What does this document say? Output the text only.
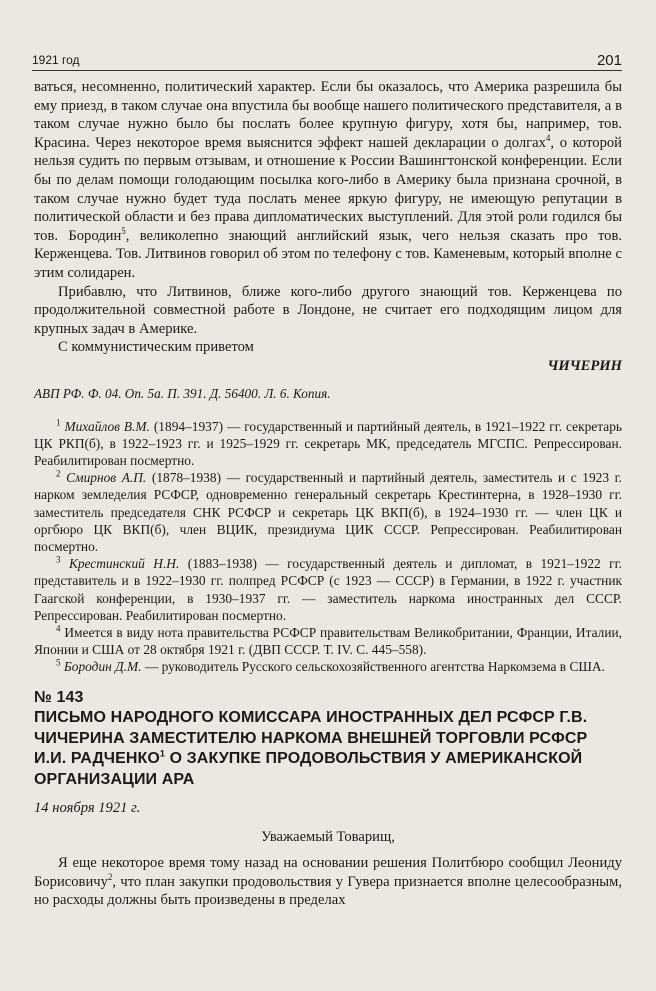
1921 год	201

ваться, несомненно, политический характер. Если бы оказалось, что Америка разрешила бы ему приезд, в таком случае она впустила бы вообще нашего политического представителя, а в таком случае нужно было бы послать более крупную фигуру, хотя бы, например, тов. Красина. Через некоторое время выяснится эффект нашей декларации о долгах$^4$, о которой нельзя судить по первым отзывам, и отношение к России Вашингтонской конференции. Если бы по делам помощи голодающим посылка кого-либо в Америку была признана срочной, в таком случае нужно будет туда послать менее яркую фигуру, не имеющую репутации в политической области и без права дипломатических выступлений. Для этой роли годился бы тов. Бородин$^5$, великолепно знающий английский язык, чего нельзя сказать про тов. Керженцева. Тов. Литвинов говорил об этом по телефону с тов. Каменевым, который вполне с этим солидарен.

Прибавлю, что Литвинов, ближе кого-либо другого знающий тов. Керженцева по продолжительной совместной работе в Лондоне, не считает его подходящим лицом для крупных задач в Америке.

С коммунистическим приветом

ЧИЧЕРИН
АВП РФ. Ф. 04. Оп. 5а. П. 391. Д. 56400. Л. 6. Копия.

$^1$ Михайлов В.М. (1894–1937) — государственный и партийный деятель, в 1921–1922 гг. секретарь ЦК РКП(б), в 1922–1923 гг. и 1925–1929 гг. секретарь МК, председатель МГСПС. Репрессирован. Реабилитирован посмертно.

$^2$ Смирнов А.П. (1878–1938) — государственный и партийный деятель, заместитель и с 1923 г. нарком земледелия РСФСР, одновременно генеральный секретарь Крестинтерна, в 1928–1930 гг. заместитель председателя СНК РСФСР и секретарь ЦК ВКП(б), в 1924–1930 гг. — член ЦК и оргбюро ЦК ВКП(б), член ВЦИК, президиума ЦИК СССР. Репрессирован. Реабилитирован посмертно.

$^3$ Крестинский Н.Н. (1883–1938) — государственный деятель и дипломат, в 1921–1922 гг. представитель и в 1922–1930 гг. полпред РСФСР (с 1923 — СССР) в Германии, в 1922 г. участник Гаагской конференции, в 1930–1937 гг. — заместитель наркома иностранных дел СССР. Репрессирован. Реабилитирован посмертно.

$^4$ Имеется в виду нота правительства РСФСР правительствам Великобритании, Франции, Италии, Японии и США от 28 октября 1921 г. (ДВП СССР. Т. IV. С. 445–558).

$^5$ Бородин Д.М. — руководитель Русского сельскохозяйственного агентства Наркомзема в США.

№ 143
ПИСЬМО НАРОДНОГО КОМИССАРА ИНОСТРАННЫХ ДЕЛ РСФСР Г.В. ЧИЧЕРИНА ЗАМЕСТИТЕЛЮ НАРКОМА ВНЕШНЕЙ ТОРГОВЛИ РСФСР И.И. РАДЧЕНКО$^1$ О ЗАКУПКЕ ПРОДОВОЛЬСТВИЯ У АМЕРИКАНСКОЙ ОРГАНИЗАЦИИ АРА
14 ноября 1921 г.
Уважаемый Товарищ,

Я еще некоторое время тому назад на основании решения Политбюро сообщил Леониду Борисовичу$^2$, что план закупки продовольствия у Гувера признается вполне целесообразным, но расходы должны быть произведены в пределах
